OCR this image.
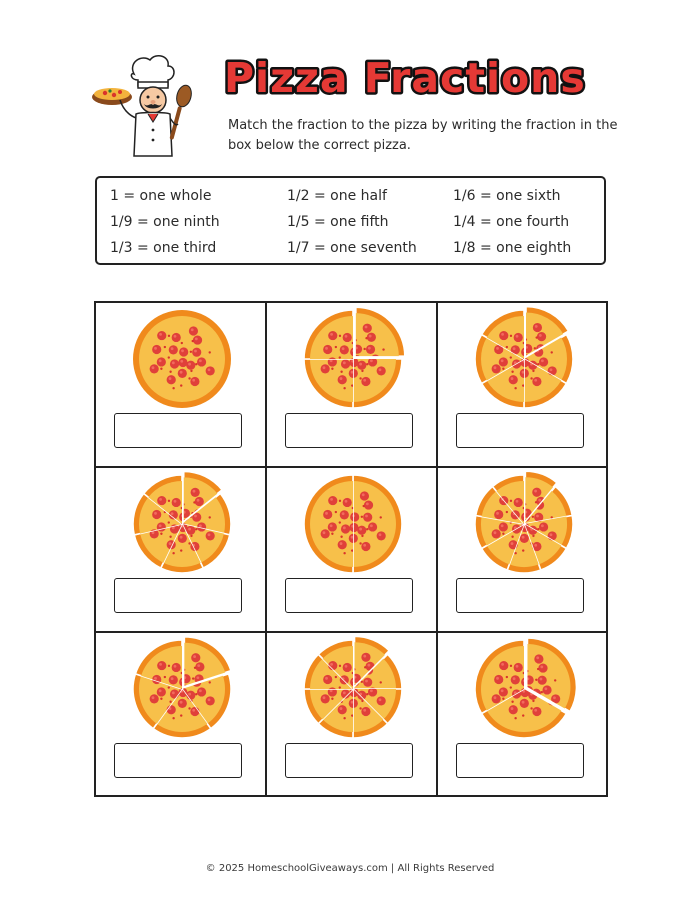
Pizza Fractions

Match the fraction to the pizza by writing the fraction in the box below the correct pizza.

1 = one whole	1/2 = one half	1/6 = one sixth
1/9 = one ninth	1/5 = one fifth	1/4 = one fourth
1/3 = one third	1/7 = one seventh	1/8 = one eighth

© 2025 HomeschoolGiveaways.com | All Rights Reserved
